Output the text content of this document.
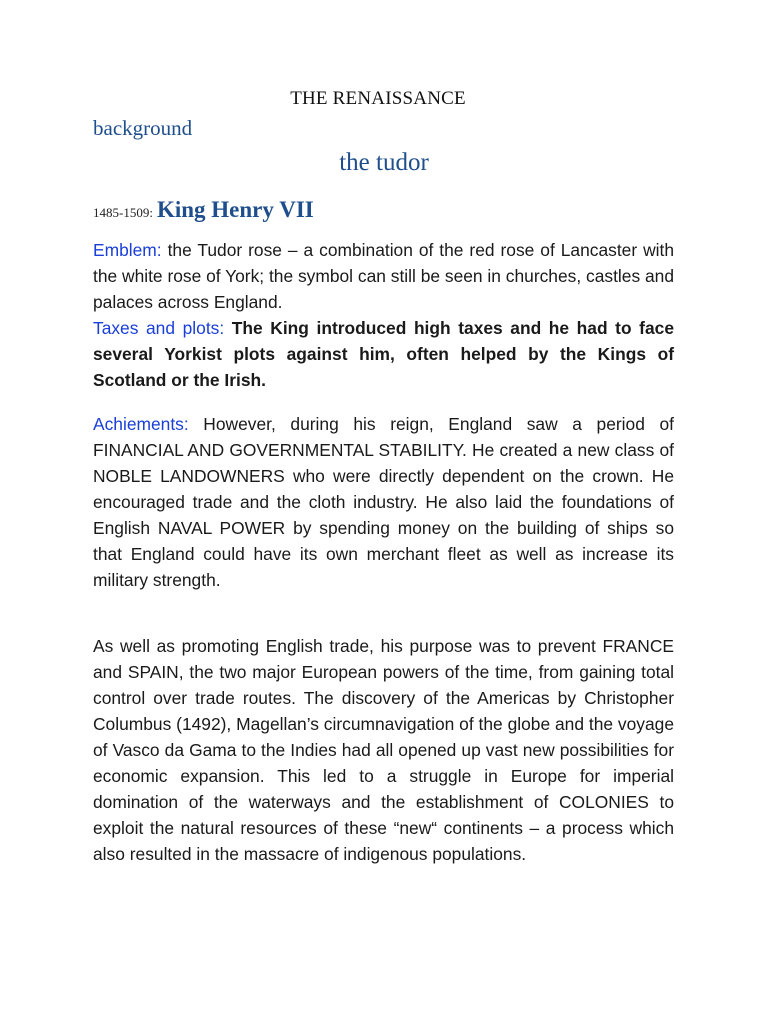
THE RENAISSANCE
background
the tudor
1485-1509: King Henry VII

Emblem: the Tudor rose – a combination of the red rose of Lancaster with the white rose of York; the symbol can still be seen in churches, castles and palaces across England.

Taxes and plots: The King introduced high taxes and he had to face several Yorkist plots against him, often helped by the Kings of Scotland or the Irish.

Achiements: However, during his reign, England saw a period of FINANCIAL AND GOVERNMENTAL STABILITY. He created a new class of NOBLE LANDOWNERS who were directly dependent on the crown. He encouraged trade and the cloth industry. He also laid the foundations of English NAVAL POWER by spending money on the building of ships so that England could have its own merchant fleet as well as increase its military strength.

As well as promoting English trade, his purpose was to prevent FRANCE and SPAIN, the two major European powers of the time, from gaining total control over trade routes. The discovery of the Americas by Christopher Columbus (1492), Magellan’s circumnavigation of the globe and the voyage of Vasco da Gama to the Indies had all opened up vast new possibilities for economic expansion. This led to a struggle in Europe for imperial domination of the waterways and the establishment of COLONIES to exploit the natural resources of these “new“ continents – a process which also resulted in the massacre of indigenous populations.
